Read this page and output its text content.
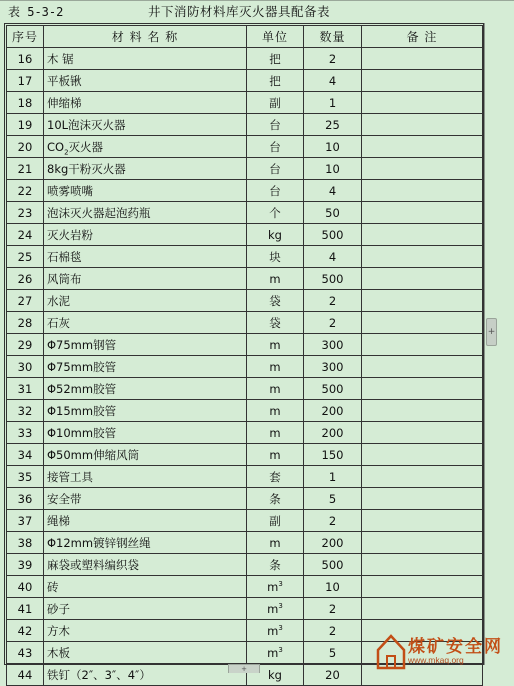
表 5-3-2	井下消防材料库灭火器具配备表
序号	材 料 名 称	单位	数量	备 注
16	木 锯	把	2	
17	平板锹	把	4	
18	伸缩梯	副	1	
19	10L泡沫灭火器	台	25	
20	$CO_2$灭火器	台	10	
21	8kg干粉灭火器	台	10	
22	喷雾喷嘴	台	4	
23	泡沫灭火器起泡药瓶	个	50	
24	灭火岩粉	kg	500	
25	石棉毯	块	4	
26	风筒布	m	500	
27	水泥	袋	2	
28	石灰	袋	2	
29	Φ75mm钢管	m	300	
30	Φ75mm胶管	m	300	
31	Φ52mm胶管	m	500	
32	Φ15mm胶管	m	200	
33	Φ10mm胶管	m	200	
34	Φ50mm伸缩风筒	m	150	
35	接管工具	套	1	
36	安全带	条	5	
37	绳梯	副	2	
38	Φ12mm镀锌钢丝绳	m	200	
39	麻袋或塑料编织袋	条	500	
40	砖	$m^3$	10	
41	砂子	$m^3$	2	
42	方木	$m^3$	2	
43	木板	$m^3$	5	
44	铁钉（2″、3″、4″）	kg	20	
+
+
煤矿安全网
www.mkaq.org
